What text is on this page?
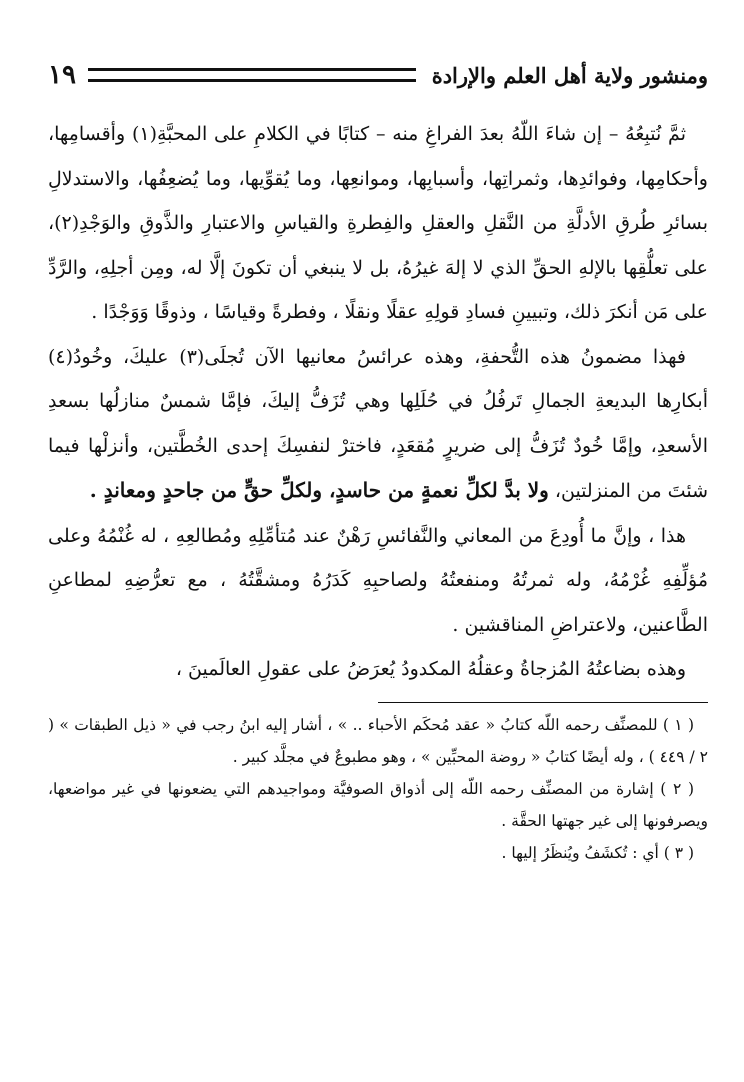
ومنشور ولاية أهل العلم والإرادة
١٩

ثمَّ نُتبِعُهُ – إن شاءَ اللّهُ بعدَ الفراغِ منه – كتابًا في الكلامِ على المحبَّةِ(١) وأقسامِها، وأحكامِها، وفوائدِها، وثمراتِها، وأسبابِها، وموانعِها، وما يُقوِّيها، وما يُضعِفُها، والاستدلالِ بسائرِ طُرقِ الأدلَّةِ من النَّقلِ والعقلِ والفِطرةِ والقياسِ والاعتبارِ والذَّوقِ والوَجْدِ(٢)، على تعلُّقِها بالإلهِ الحقِّ الذي لا إلهَ غيرُهُ، بل لا ينبغي أن تكونَ إلَّا له، ومِن أجلِهِ، والرَّدِّ على مَن أنكرَ ذلك، وتبيينِ فسادِ قولِهِ عقلًا ونقلًا ، وفطرةً وقياسًا ، وذوقًا وَوَجْدًا .

فهذا مضمونُ هذه التُّحفةِ، وهذه عرائسُ معانيها الآن تُجلَى(٣) عليكَ، وخُودُ(٤) أبكارِها البديعةِ الجمالِ تَرفُلُ في حُلَلِها وهي تُزَفُّ إليكَ، فإمَّا شمسٌ منازلُها بسعدِ الأسعدِ، وإمَّا خُودٌ تُزَفُّ إلى ضريرٍ مُقعَدٍ، فاخترْ لنفسِكَ إحدى الخُطَّتين، وأنزلْها فيما شئتَ من المنزلتين، ولا بدَّ لكلِّ نعمةٍ من حاسدٍ، ولكلِّ حقٍّ من جاحدٍ ومعاندٍ .

هذا ، وإنَّ ما أُودِعَ من المعاني والنَّفائسِ رَهْنٌ عند مُتأمِّلِهِ ومُطالعِهِ ، له غُنْمُهُ وعلى مُؤلِّفِهِ غُرْمُهُ، وله ثمرتُهُ ومنفعتُهُ ولصاحبِهِ كَدَرُهُ ومشقَّتُهُ ، مع تعرُّضِهِ لمطاعنِ الطَّاعنين، ولاعتراضِ المناقشين .

وهذه بضاعتُهُ المُزجاةُ وعقلُهُ المكدودُ يُعرَضُ على عقولِ العالَمينَ ،

( ١ ) للمصنِّف رحمه اللّه كتابُ « عقد مُحكَم الأحباء .. » ، أشار إليه ابنُ رجب في « ذيل الطبقات » ( ٢ / ٤٤٩ ) ، وله أيضًا كتابُ « روضة المحبِّين » ، وهو مطبوعٌ في مجلَّد كبير .

( ٢ ) إشارة من المصنِّف رحمه اللّه إلى أذواق الصوفيَّة ومواجيدهم التي يضعونها في غير مواضعها، ويصرفونها إلى غير جهتها الحقَّة .

( ٣ ) أي : تُكشَفُ ويُنظَرُ إليها .
